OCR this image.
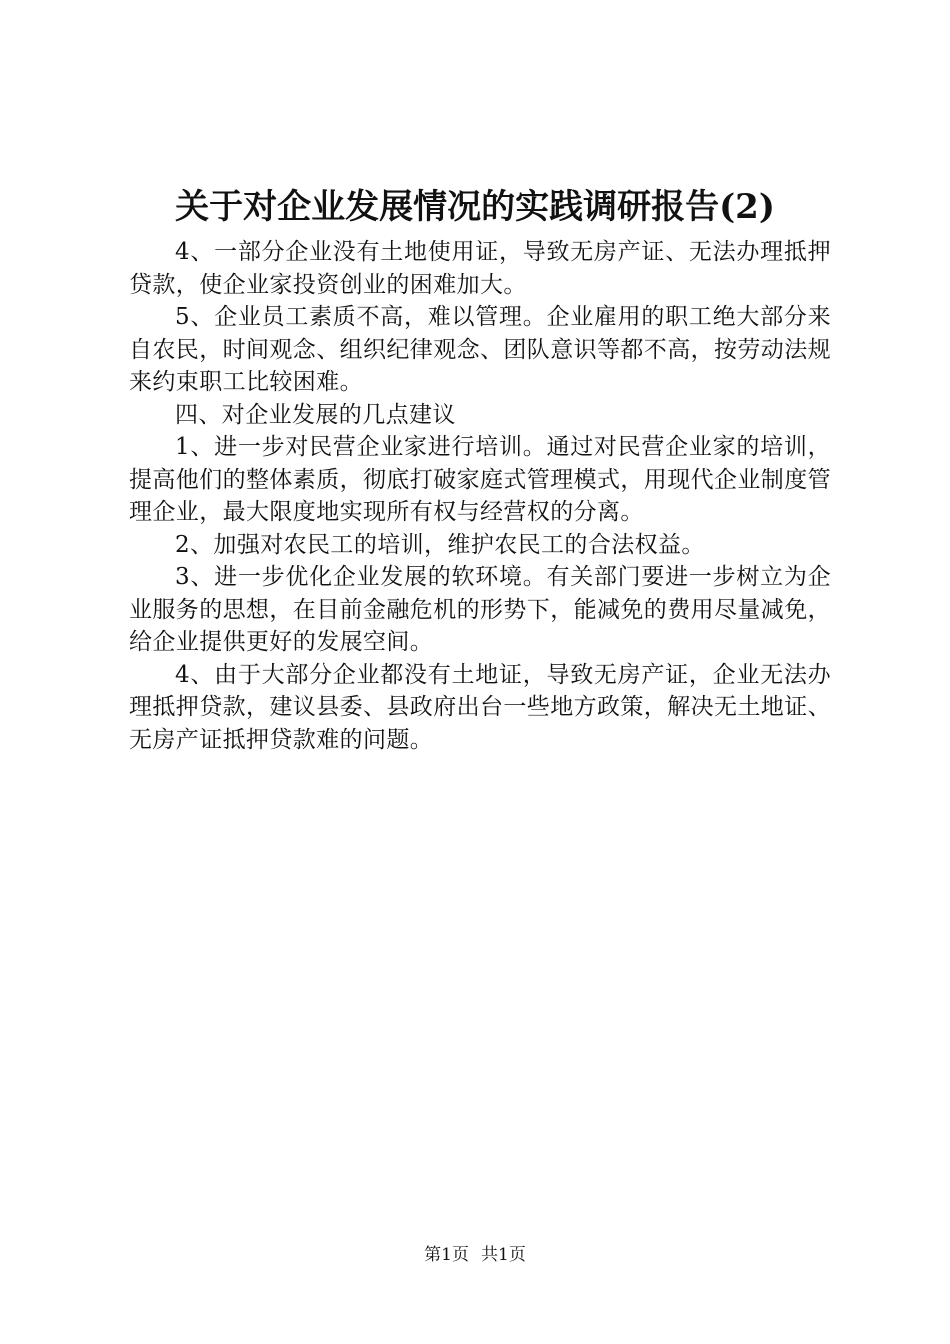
关于对企业发展情况的实践调研报告(2)

4、一部分企业没有土地使用证，导致无房产证、无法办理抵押贷款，使企业家投资创业的困难加大。

5、企业员工素质不高，难以管理。企业雇用的职工绝大部分来自农民，时间观念、组织纪律观念、团队意识等都不高，按劳动法规来约束职工比较困难。

四、对企业发展的几点建议

1、进一步对民营企业家进行培训。通过对民营企业家的培训，提高他们的整体素质，彻底打破家庭式管理模式，用现代企业制度管理企业，最大限度地实现所有权与经营权的分离。

2、加强对农民工的培训，维护农民工的合法权益。

3、进一步优化企业发展的软环境。有关部门要进一步树立为企业服务的思想，在目前金融危机的形势下，能减免的费用尽量减免，给企业提供更好的发展空间。

4、由于大部分企业都没有土地证，导致无房产证，企业无法办理抵押贷款，建议县委、县政府出台一些地方政策，解决无土地证、无房产证抵押贷款难的问题。

第1页 共1页
